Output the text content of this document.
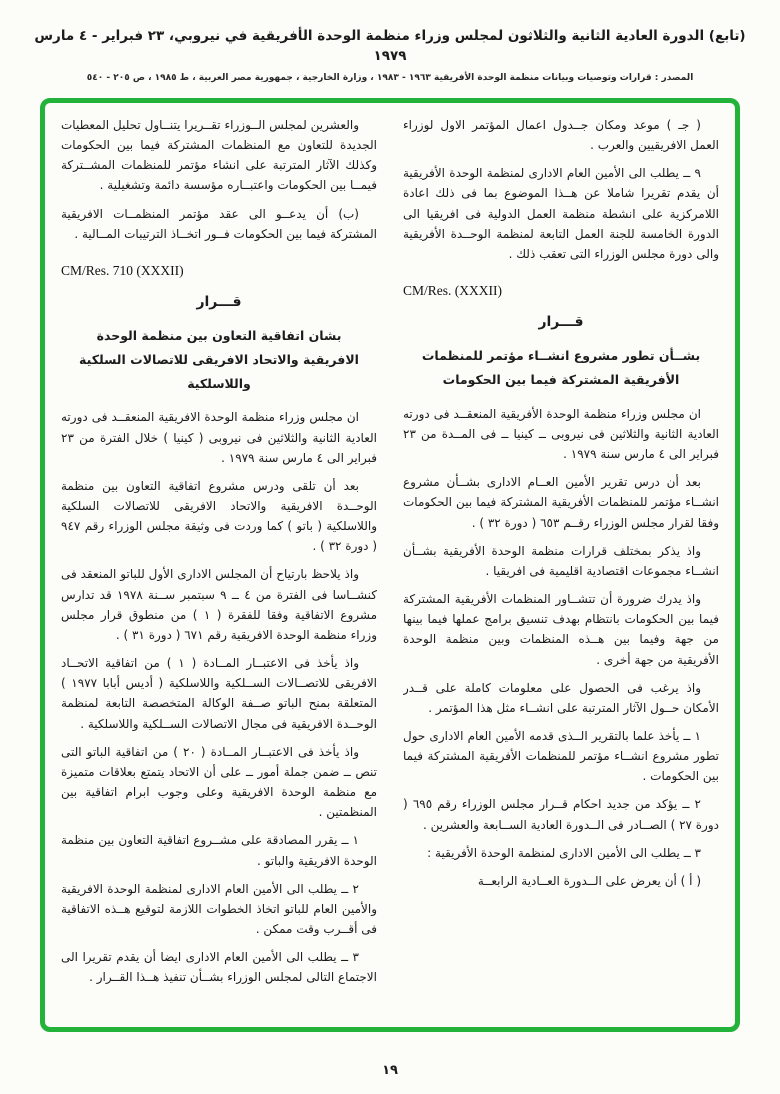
(تابع) الدورة العادية الثانية والثلاثون لمجلس وزراء منظمة الوحدة الأفريقية في نيروبي، ٢٣ فبراير - ٤ مارس ١٩٧٩
المصدر : قرارات وتوصيات وبيانات منظمة الوحدة الأفريقية ١٩٦٣ - ١٩٨٣ ، وزارة الخارجية ، جمهورية مصر العربية ، ط ١٩٨٥ ، ص ٢٠٥ - ٥٤٠

( جـ ) موعد ومكان جــدول اعمال المؤتمر الاول لوزراء العمل الافريقيين والعرب .

٩ ــ يطلب الى الأمين العام الادارى لمنظمة الوحدة الأفريقية أن يقدم تقريرا شاملا عن هــذا الموضوع بما فى ذلك اعادة اللامركزية على انشطة منظمة العمل الدولية فى افريقيا الى الدورة الخامسة للجنة العمل التابعة لمنظمة الوحــدة الأفريقية والى دورة مجلس الوزراء التى تعقب ذلك .

CM/Res. (XXXII)
قـــرار
بشــأن تطور مشروع انشــاء مؤتمر للمنظمات الأفريقية المشتركة فيما بين الحكومات

ان مجلس وزراء منظمة الوحدة الأفريقية المنعقــد فى دورته العادية الثانية والثلاثين فى نيروبى ــ كينيا ــ فى المــدة من ٢٣ فبراير الى ٤ مارس سنة ١٩٧٩ .

بعد أن درس تقرير الأمين العــام الادارى بشــأن مشروع انشــاء مؤتمر للمنظمات الأفريقية المشتركة فيما بين الحكومات وفقا لقرار مجلس الوزراء رقــم ٦٥٣ ( دورة ٣٢ ) .

واذ يذكر بمختلف قرارات منظمة الوحدة الأفريقية بشــأن انشــاء مجموعات اقتصادية اقليمية فى افريقيا .

واذ يدرك ضرورة أن تتشــاور المنظمات الأفريقية المشتركة فيما بين الحكومات بانتظام بهدف تنسيق برامج عملها فيما بينها من جهة وفيما بين هــذه المنظمات وبين منظمة الوحدة الأفريقية من جهة أخرى .

واذ يرغب فى الحصول على معلومات كاملة على قــدر الأمكان حــول الآثار المترتبة على انشــاء مثل هذا المؤتمر .

١ ــ يأخذ علما بالتقرير الــذى قدمه الأمين العام الادارى حول تطور مشروع انشــاء مؤتمر للمنظمات الأفريقية المشتركة فيما بين الحكومات .

٢ ــ يؤكد من جديد احكام قــرار مجلس الوزراء رقم ٦٩٥ ( دورة ٢٧ ) الصــادر فى الــدورة العادية الســابعة والعشرين .

٣ ــ يطلب الى الأمين الادارى لمنظمة الوحدة الأفريقية :

( أ ) أن يعرض على الــدورة العــادية الرابعــة

والعشرين لمجلس الــوزراء تقــريرا يتنــاول تحليل المعطيات الجديدة للتعاون مع المنظمات المشتركة فيما بين الحكومات وكذلك الآثار المترتبة على انشاء مؤتمر للمنظمات المشــتركة فيمــا بين الحكومات واعتبــاره مؤسسة دائمة وتشغيلية .

(ب) أن يدعــو الى عقد مؤتمر المنظمــات الافريقية المشتركة فيما بين الحكومات فــور اتخــاذ الترتيبات المــالية .

CM/Res. 710 (XXXII)
قـــرار
بشان اتفاقية التعاون بين منظمة الوحدة الافريقية والاتحاد الافريقى للاتصالات السلكية واللاسلكية

ان مجلس وزراء منظمة الوحدة الافريقية المنعقــد فى دورته العادية الثانية والثلاثين فى نيروبى ( كينيا ) خلال الفترة من ٢٣ فبراير الى ٤ مارس سنة ١٩٧٩ .

بعد أن تلقى ودرس مشروع اتفاقية التعاون بين منظمة الوحــدة الافريقية والاتحاد الافريقى للاتصالات السلكية واللاسلكية ( باتو ) كما وردت فى وثيقة مجلس الوزراء رقم ٩٤٧ ( دورة ٣٢ ) .

واذ يلاحظ بارتياح أن المجلس الادارى الأول للباتو المنعقد فى كنشــاسا فى الفترة من ٤ ــ ٩ سبتمبر ســنة ١٩٧٨ قد تدارس مشروع الاتفاقية وفقا للفقرة ( ١ ) من منطوق قرار مجلس وزراء منظمة الوحدة الافريقية رقم ٦٧١ ( دورة ٣١ ) .

واذ يأخذ فى الاعتبــار المــادة ( ١ ) من اتفاقية الاتحــاد الافريقى للاتصــالات الســلكية واللاسلكية ( أديس أبابا ١٩٧٧ ) المتعلقة بمنح الباتو صــفة الوكالة المتخصصة التابعة لمنظمة الوحــدة الافريقية فى مجال الاتصالات الســلكية واللاسلكية .

واذ يأخذ فى الاعتبــار المــادة ( ٢٠ ) من اتفاقية الباتو التى تنص ــ ضمن جملة أمور ــ على أن الاتحاد يتمتع بعلاقات متميزة مع منظمة الوحدة الافريقية وعلى وجوب ابرام اتفاقية بين المنظمتين .

١ ــ يقرر المصادقة على مشــروع اتفاقية التعاون بين منظمة الوحدة الافريقية والباتو .

٢ ــ يطلب الى الأمين العام الادارى لمنظمة الوحدة الافريقية والأمين العام للباتو اتخاذ الخطوات اللازمة لتوقيع هــذه الاتفاقية فى أقــرب وقت ممكن .

٣ ــ يطلب الى الأمين العام الادارى ايضا أن يقدم تقريرا الى الاجتماع التالى لمجلس الوزراء بشــأن تنفيذ هــذا القــرار .

١٩
